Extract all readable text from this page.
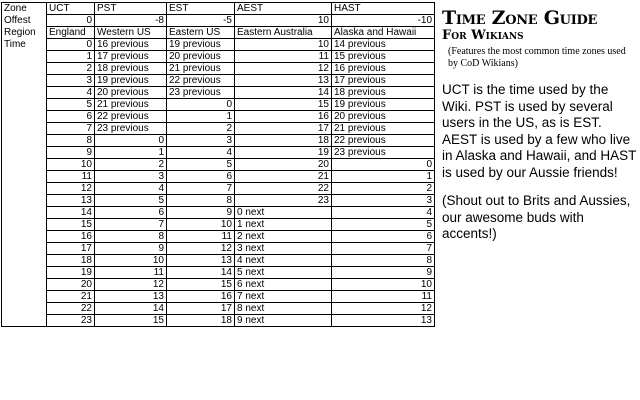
Zone	UCT	PST	EST	AEST	HAST
Offest	0	-8	-5	10	-10
Region	England	Western US	Eastern US	Eastern Australia	Alaska and Hawaii
Time	0	16 previous	19 previous	10	14 previous
	1	17 previous	20 previous	11	15 previous
	2	18 previous	21 previous	12	16 previous
	3	19 previous	22 previous	13	17 previous
	4	20 previous	23 previous	14	18 previous
	5	21 previous	0	15	19 previous
	6	22 previous	1	16	20 previous
	7	23 previous	2	17	21 previous
	8	0	3	18	22 previous
	9	1	4	19	23 previous
	10	2	5	20	0
	11	3	6	21	1
	12	4	7	22	2
	13	5	8	23	3
	14	6	9	0 next	4
	15	7	10	1 next	5
	16	8	11	2 next	6
	17	9	12	3 next	7
	18	10	13	4 next	8
	19	11	14	5 next	9
	20	12	15	6 next	10
	21	13	16	7 next	11
	22	14	17	8 next	12
	23	15	18	9 next	13
Time Zone Guide
For Wikians
(Features the most common time zones used by CoD Wikians)
UCT is the time used by the Wiki. PST is used by several users in the US, as is EST. AEST is used by a few who live in Alaska and Hawaii, and HAST is used by our Aussie friends!
(Shout out to Brits and Aussies, our awesome buds with accents!)
